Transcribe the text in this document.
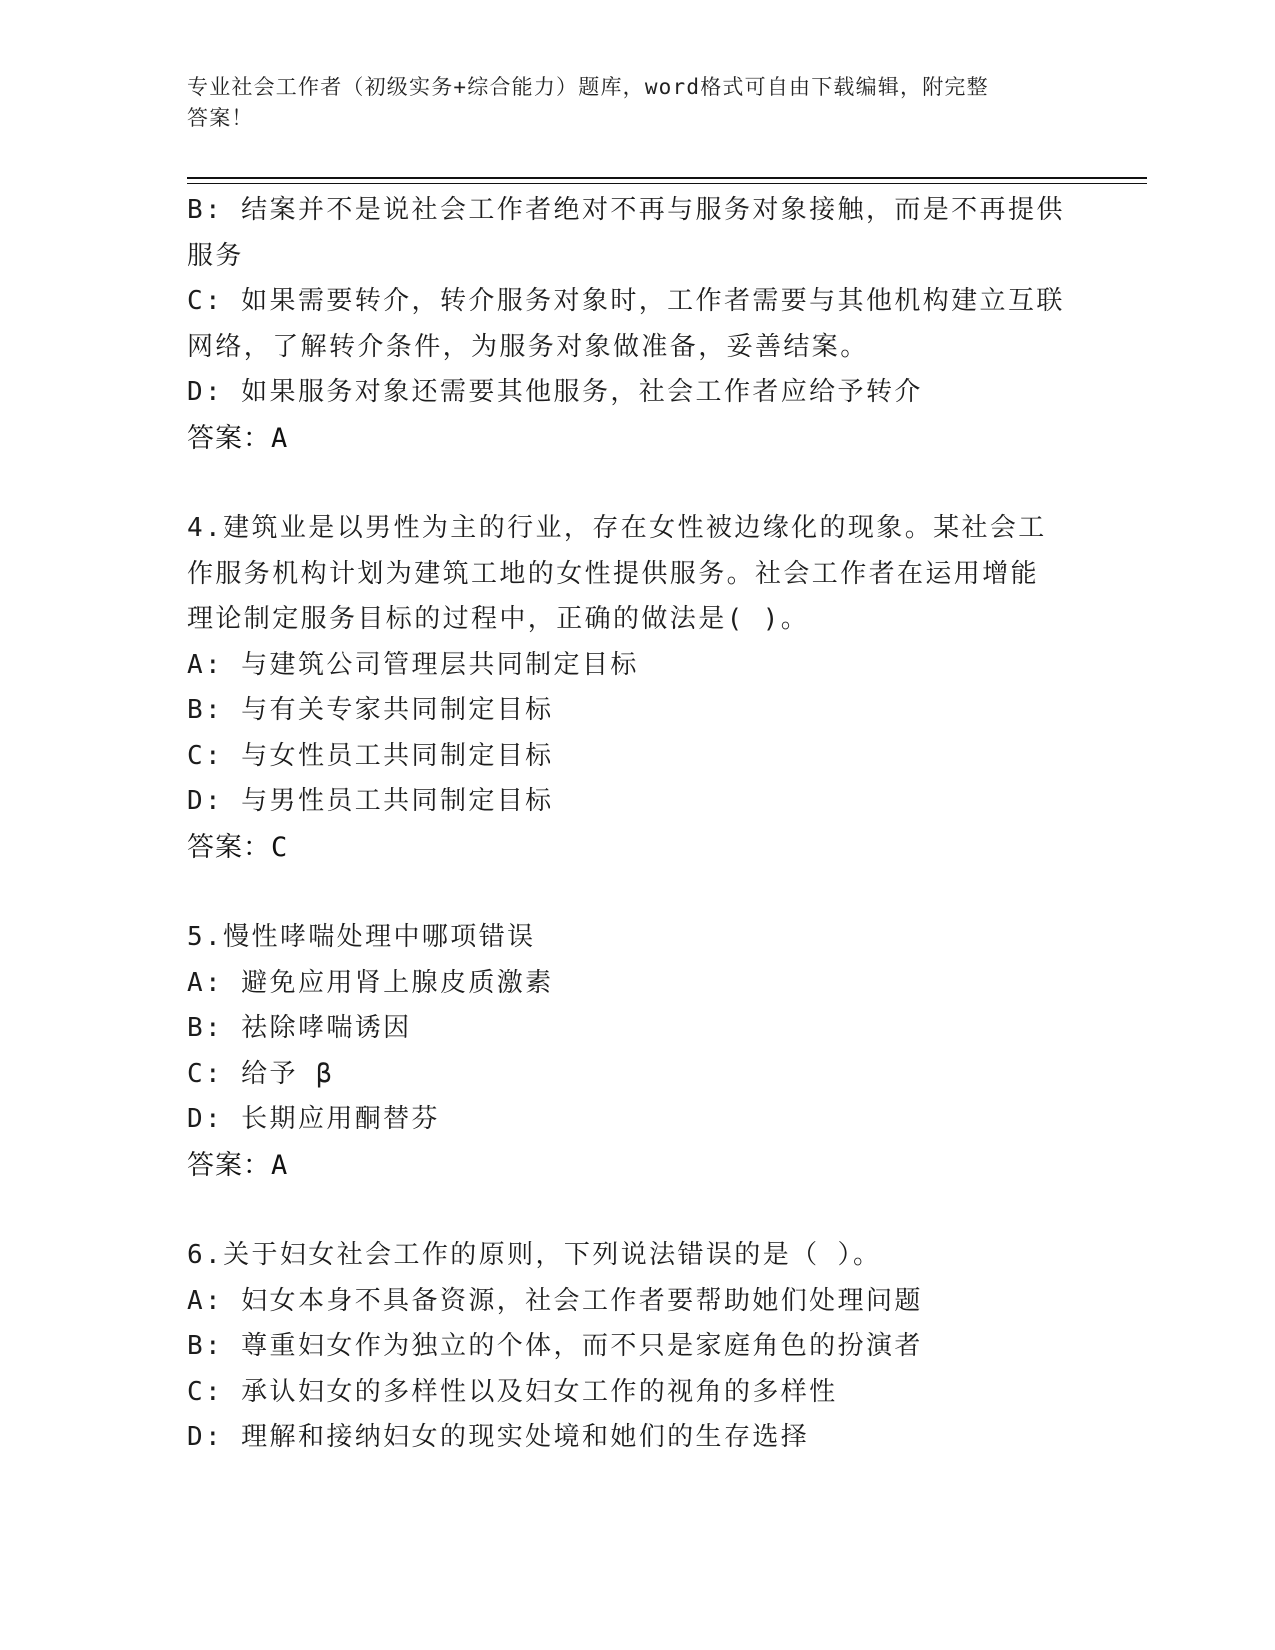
专业社会工作者（初级实务+综合能力）题库，word格式可自由下载编辑，附完整
答案！
B: 结案并不是说社会工作者绝对不再与服务对象接触，而是不再提供
服务
C: 如果需要转介，转介服务对象时，工作者需要与其他机构建立互联
网络，了解转介条件，为服务对象做准备，妥善结案。
D: 如果服务对象还需要其他服务，社会工作者应给予转介
答案：A
4.建筑业是以男性为主的行业，存在女性被边缘化的现象。某社会工
作服务机构计划为建筑工地的女性提供服务。社会工作者在运用增能
理论制定服务目标的过程中，正确的做法是( )。
A: 与建筑公司管理层共同制定目标
B: 与有关专家共同制定目标
C: 与女性员工共同制定目标
D: 与男性员工共同制定目标
答案：C
5.慢性哮喘处理中哪项错误
A: 避免应用肾上腺皮质激素
B: 祛除哮喘诱因
C: 给予 β
D: 长期应用酮替芬
答案：A
6.关于妇女社会工作的原则，下列说法错误的是（ ）。
A: 妇女本身不具备资源，社会工作者要帮助她们处理问题
B: 尊重妇女作为独立的个体，而不只是家庭角色的扮演者
C: 承认妇女的多样性以及妇女工作的视角的多样性
D: 理解和接纳妇女的现实处境和她们的生存选择
